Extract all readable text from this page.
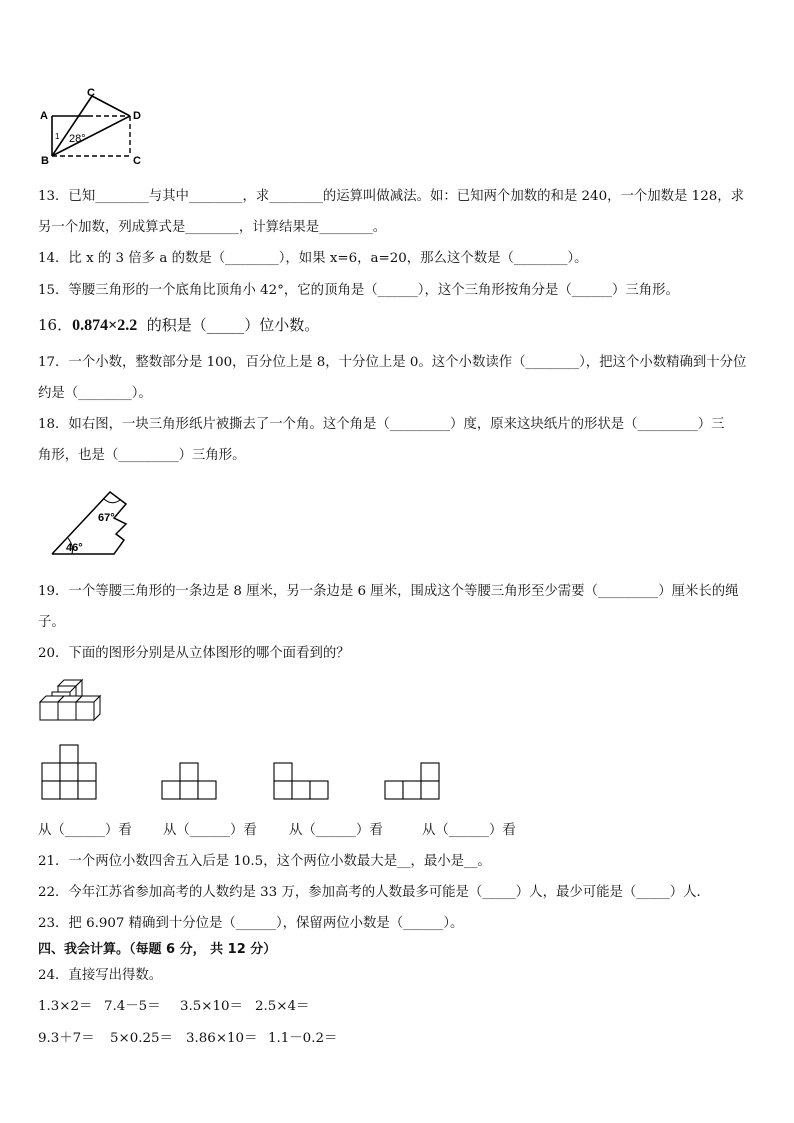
A
C
D
B	C
1 28°
13．已知________与其中________，求________的运算叫做减法。如：已知两个加数的和是 240，一个加数是 128，求
另一个加数，列成算式是________，计算结果是________。
14．比 x 的 3 倍多 a 的数是（________），如果 x=6，a=20，那么这个数是（________）。
15．等腰三角形的一个底角比顶角小 42°，它的顶角是（______），这个三角形按角分是（______）三角形。
16．0.874×2.2 的积是（_____）位小数。
17．一个小数，整数部分是 100，百分位上是 8，十分位上是 0。这个小数读作（________），把这个小数精确到十分位
约是（________）。
18．如右图，一块三角形纸片被撕去了一个角。这个角是（_________）度，原来这块纸片的形状是（_________）三
角形，也是（_________）三角形。
67°
46°
19．一个等腰三角形的一条边是 8 厘米，另一条边是 6 厘米，围成这个等腰三角形至少需要（_________）厘米长的绳
子。
20．下面的图形分别是从立体图形的哪个面看到的？
从（______）看 从（______）看 从（______）看	从（______）看
21．一个两位小数四舍五入后是 10.5，这个两位小数最大是__，最小是__。
22．今年江苏省参加高考的人数约是 33 万，参加高考的人数最多可能是（_____）人，最少可能是（_____）人．
23．把 6.907 精确到十分位是（______），保留两位小数是（______）。
四、我会计算。（每题 6 分， 共 12 分）
24．直接写出得数。
1.3×2＝ 7.4－5＝ 3.5×10＝ 2.5×4＝
9.3＋7＝ 5×0.25＝ 3.86×10＝ 1.1－0.2＝
